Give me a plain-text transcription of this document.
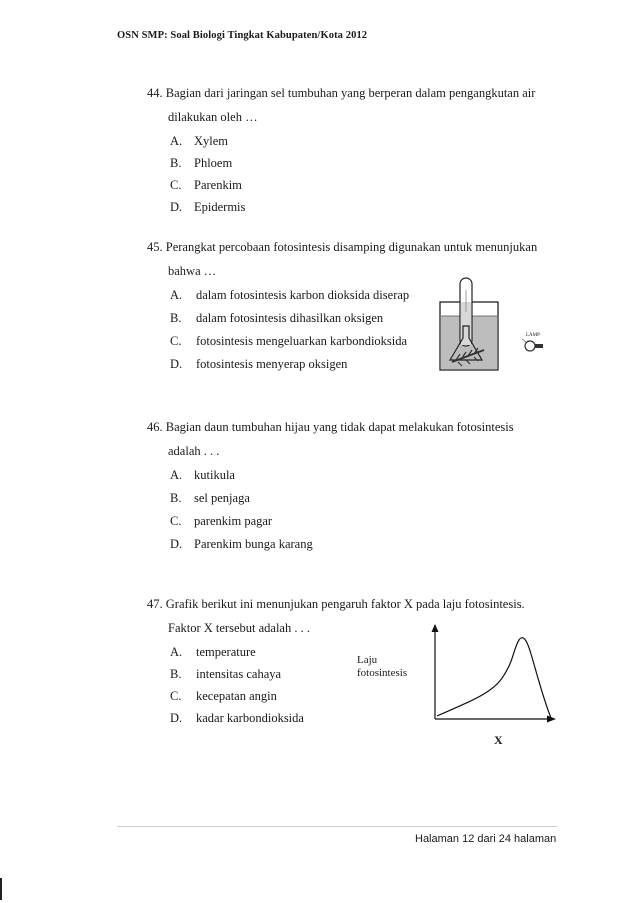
OSN SMP: Soal Biologi Tingkat Kabupaten/Kota 2012
44. Bagian dari jaringan sel tumbuhan yang berperan dalam pengangkutan air
dilakukan oleh …
A. Xylem
B. Phloem
C. Parenkim
D. Epidermis
45. Perangkat percobaan fotosintesis disamping digunakan untuk menunjukan
bahwa …
A. dalam fotosintesis karbon dioksida diserap
B. dalam fotosintesis dihasilkan oksigen
C. fotosintesis mengeluarkan karbondioksida
D. fotosintesis menyerap oksigen
LAMP
46. Bagian daun tumbuhan hijau yang tidak dapat melakukan fotosintesis
adalah . . .
A. kutikula
B. sel penjaga
C. parenkim pagar
D. Parenkim bunga karang
47. Grafik berikut ini menunjukan pengaruh faktor X pada laju fotosintesis.
Faktor X tersebut adalah . . .
A. temperature
B. intensitas cahaya
C. kecepatan angin
D. kadar karbondioksida
Laju
fotosintesis
X
Halaman 12 dari 24 halaman
